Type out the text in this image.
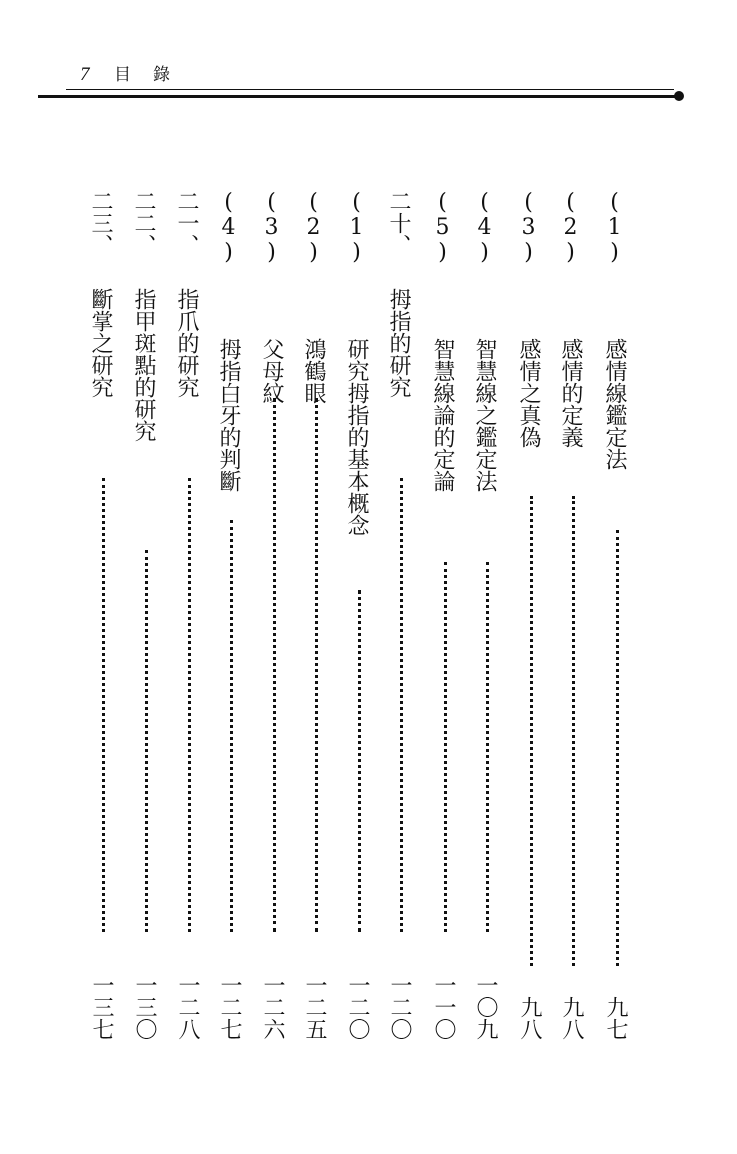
7 目錄
(1)
感情線鑑定法
九七
(2)
感情的定義
九八
(3)
感情之真偽
九八
(4)
智慧線之鑑定法
一〇九
(5)
智慧線論的定論
一一〇
二十、
拇指的研究
一二〇
(1)
研究拇指的基本概念
一二〇
(2)
鴻鶴眼
一二五
(3)
父母紋
一二六
(4)
拇指白牙的判斷
一二七
二一、
指爪的研究
一二八
二二、
指甲斑點的研究
一三〇
二三、
斷掌之研究
一三七
